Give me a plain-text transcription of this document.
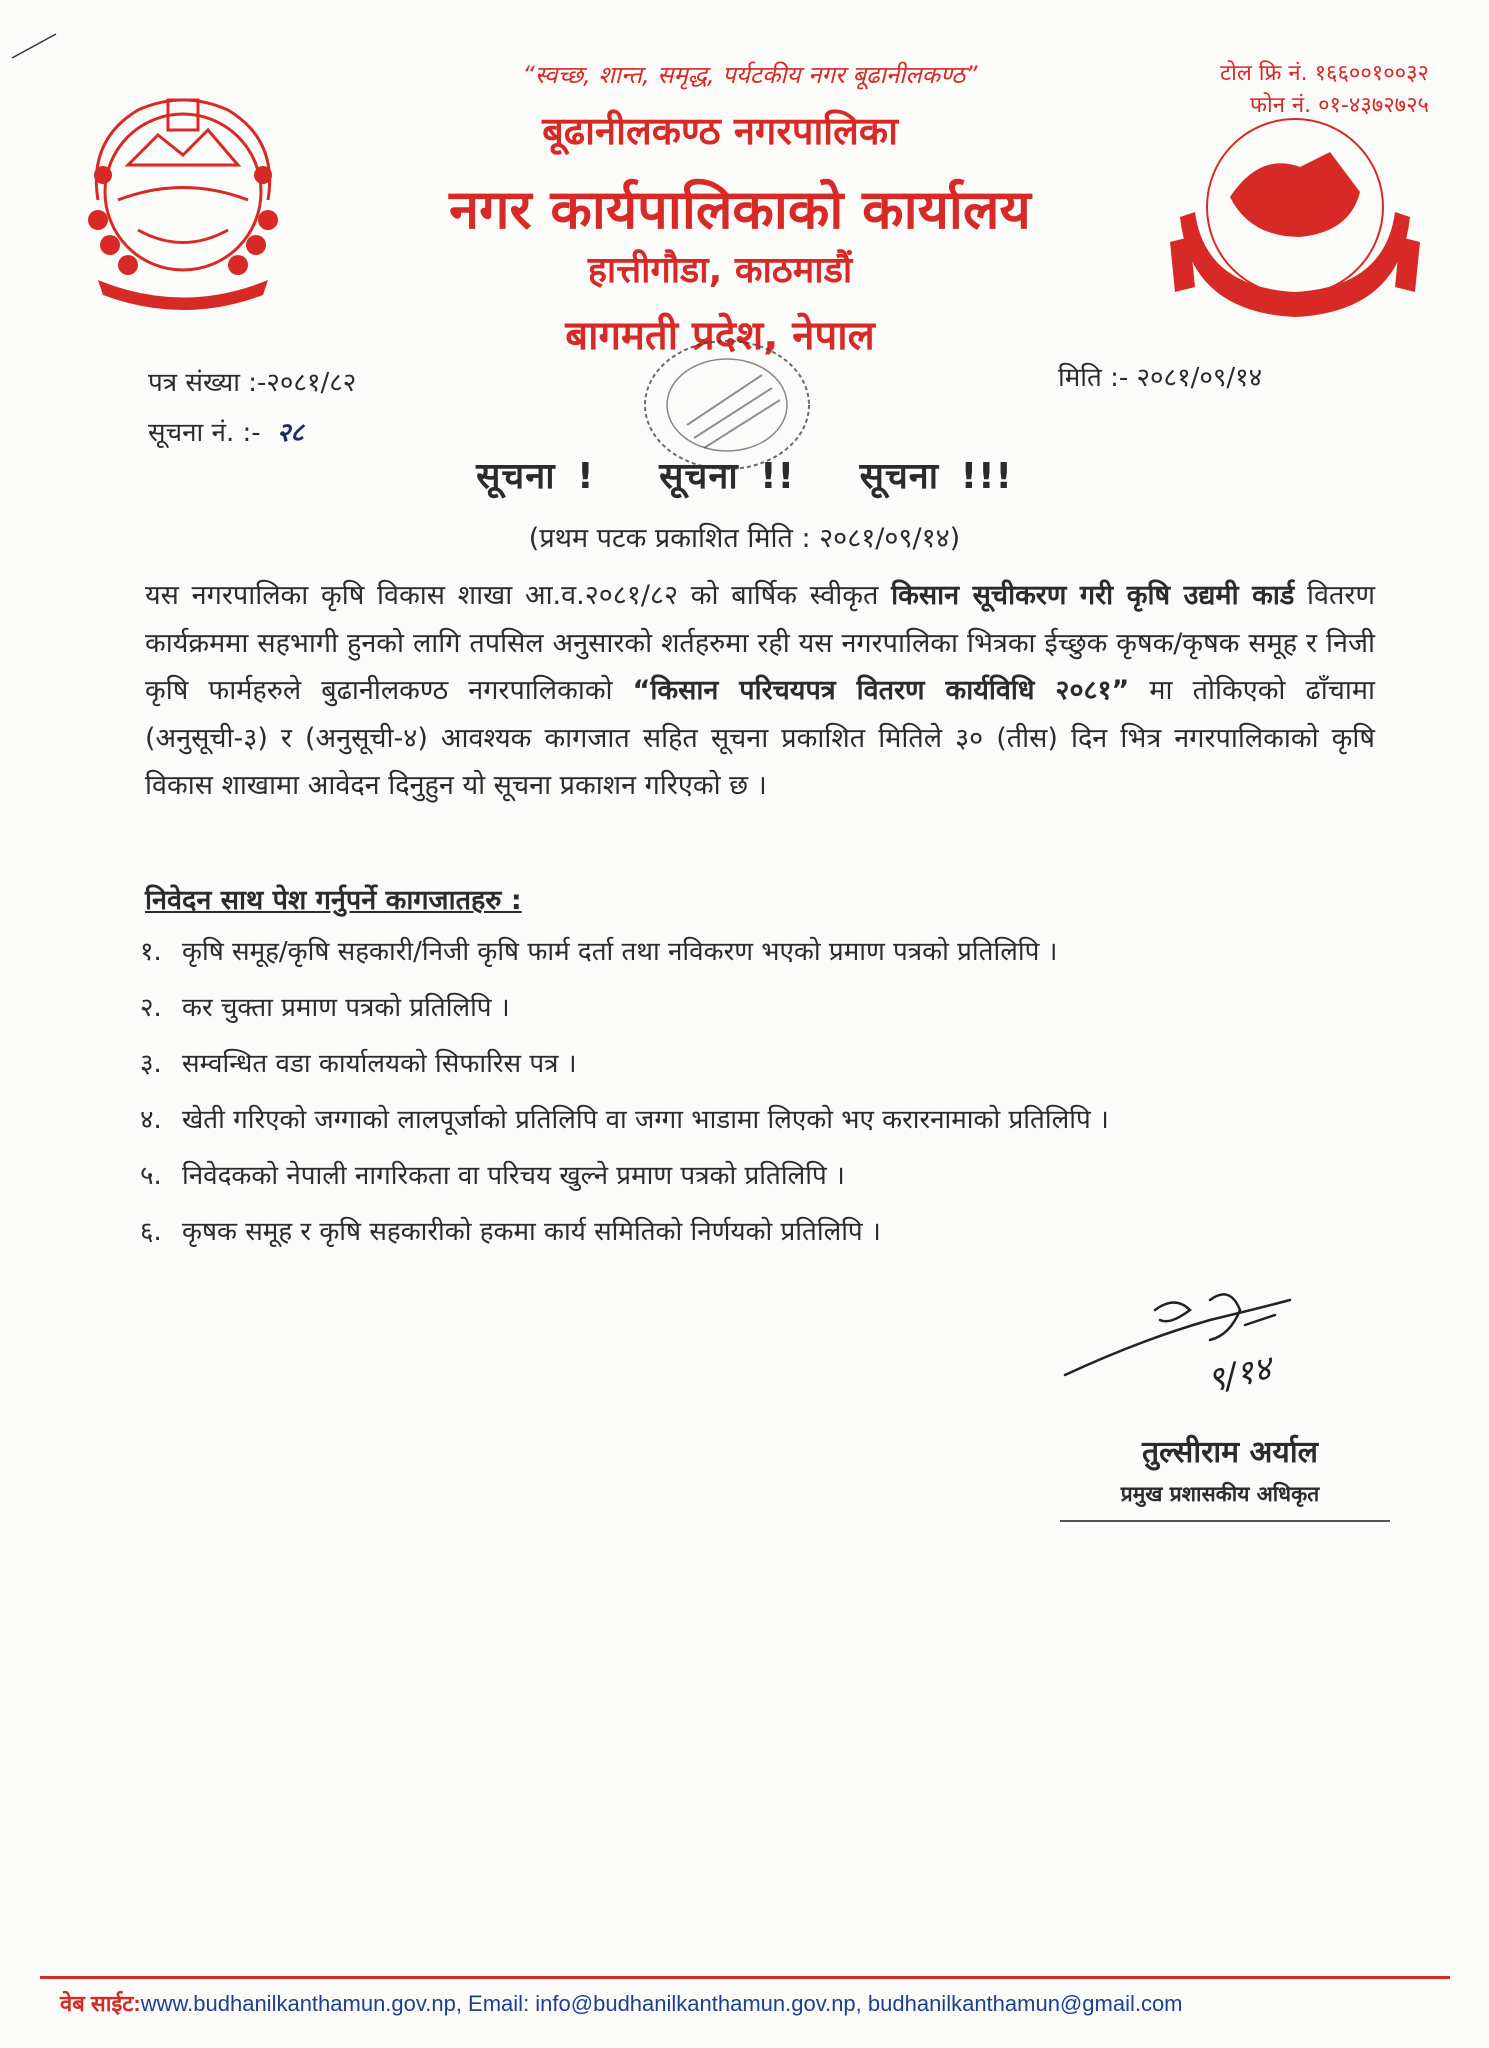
“स्वच्छ, शान्त, समृद्ध, पर्यटकीय नगर बूढानीलकण्ठ”
बूढानीलकण्ठ नगरपालिका
नगर कार्यपालिकाको कार्यालय
हात्तीगौडा, काठमाडौं
बागमती प्रदेश, नेपाल
टोल फ्रि नं. १६६००१००३२
फोन नं. ०१-४३७२७२५
पत्र संख्या :-२०८१/८२
सूचना नं. :- २८
मिति :- २०८१/०९/१४
सूचना !   सूचना !!   सूचना !!!
(प्रथम पटक प्रकाशित मिति : २०८१/०९/१४)
यस नगरपालिका कृषि विकास शाखा आ.व.२०८१/८२ को बार्षिक स्वीकृत किसान सूचीकरण गरी कृषि उद्यमी कार्ड वितरण कार्यक्रममा सहभागी हुनको लागि तपसिल अनुसारको शर्तहरुमा रही यस नगरपालिका भित्रका ईच्छुक कृषक/कृषक समूह र निजी कृषि फार्महरुले बुढानीलकण्ठ नगरपालिकाको “किसान परिचयपत्र वितरण कार्यविधि २०८१” मा तोकिएको ढाँचामा (अनुसूची-३) र (अनुसूची-४) आवश्यक कागजात सहित सूचना प्रकाशित मितिले ३० (तीस) दिन भित्र नगरपालिकाको कृषि विकास शाखामा आवेदन दिनुहुन यो सूचना प्रकाशन गरिएको छ ।
निवेदन साथ पेश गर्नुपर्ने कागजातहरु :
१. कृषि समूह/कृषि सहकारी/निजी कृषि फार्म दर्ता तथा नविकरण भएको प्रमाण पत्रको प्रतिलिपि ।
२. कर चुक्ता प्रमाण पत्रको प्रतिलिपि ।
३. सम्वन्धित वडा कार्यालयको सिफारिस पत्र ।
४. खेती गरिएको जग्गाको लालपूर्जाको प्रतिलिपि वा जग्गा भाडामा लिएको भए करारनामाको प्रतिलिपि ।
५. निवेदकको नेपाली नागरिकता वा परिचय खुल्ने प्रमाण पत्रको प्रतिलिपि ।
६. कृषक समूह र कृषि सहकारीको हकमा कार्य समितिको निर्णयको प्रतिलिपि ।
९/१४
तुल्सीराम अर्याल
प्रमुख प्रशासकीय अधिकृत
वेब साईट:www.budhanilkanthamun.gov.np, Email: info@budhanilkanthamun.gov.np, budhanilkanthamun@gmail.com
